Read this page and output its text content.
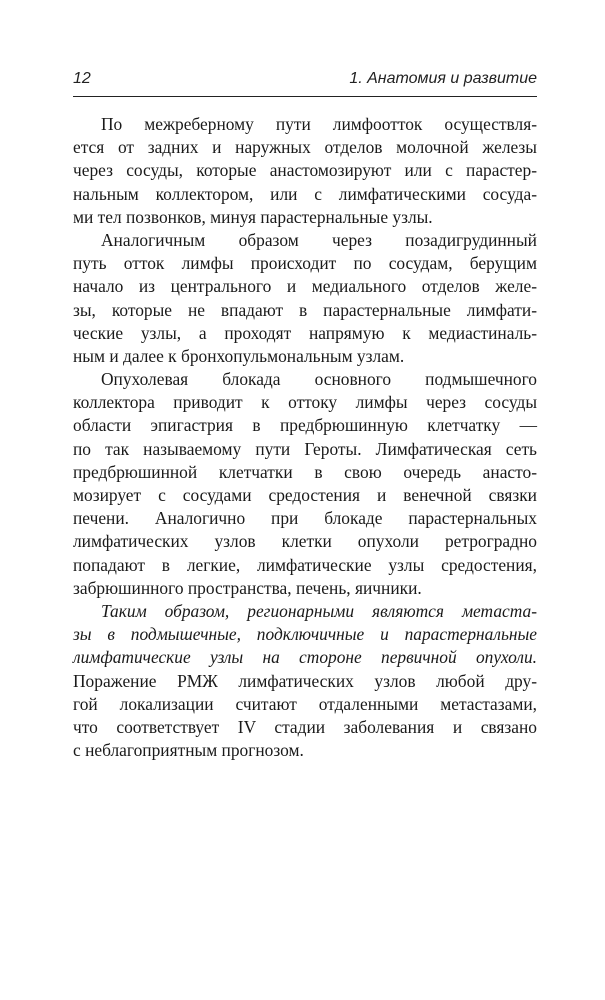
12	1. Анатомия и развитие
По межреберному пути лимфоотток осуществля-
ется от задних и наружных отделов молочной железы
через сосуды, которые анастомозируют или с парастер-
нальным коллектором, или с лимфатическими сосуда-
ми тел позвонков, минуя парастернальные узлы.
Аналогичным образом через позадигрудинный
путь отток лимфы происходит по сосудам, берущим
начало из центрального и медиального отделов желе-
зы, которые не впадают в парастернальные лимфати-
ческие узлы, а проходят напрямую к медиастиналь-
ным и далее к бронхопульмональным узлам.
Опухолевая блокада основного подмышечного
коллектора приводит к оттоку лимфы через сосуды
области эпигастрия в предбрюшинную клетчатку —
по так называемому пути Героты. Лимфатическая сеть
предбрюшинной клетчатки в свою очередь анасто-
мозирует с сосудами средостения и венечной связки
печени. Аналогично при блокаде парастернальных
лимфатических узлов клетки опухоли ретроградно
попадают в легкие, лимфатические узлы средостения,
забрюшинного пространства, печень, яичники.
Таким образом, регионарными являются метаста-
зы в подмышечные, подключичные и парастернальные
лимфатические узлы на стороне первичной опухоли.
Поражение РМЖ лимфатических узлов любой дру-
гой локализации считают отдаленными метастазами,
что соответствует IV стадии заболевания и связано
с неблагоприятным прогнозом.
